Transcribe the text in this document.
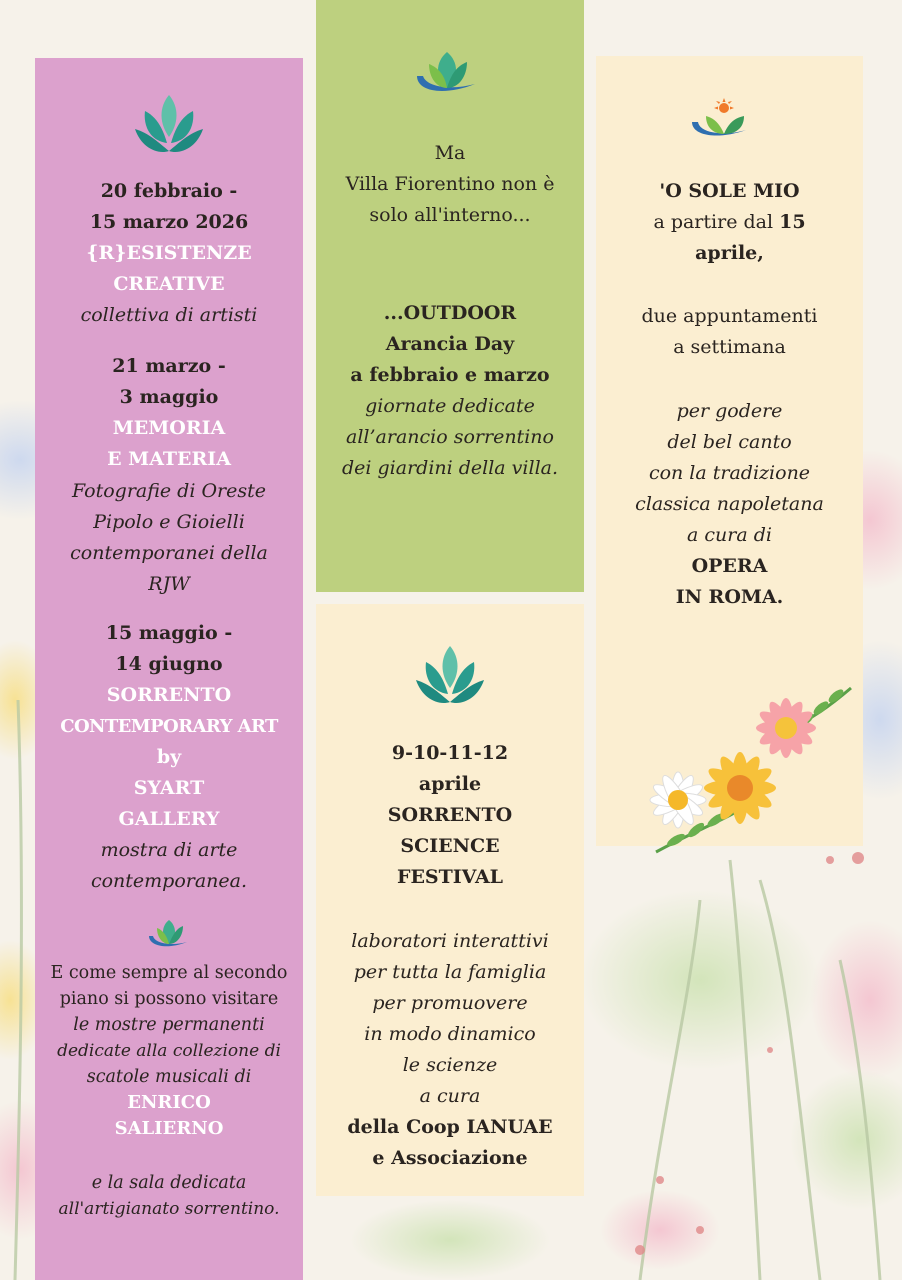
20 febbraio -

15 marzo 2026

{R}ESISTENZE

CREATIVE

collettiva di artisti

21 marzo -

3 maggio

MEMORIA

E MATERIA

Fotografie di Oreste

Pipolo e Gioielli

contemporanei della

RJW

15 maggio -

14 giugno

SORRENTO

CONTEMPORARY ART

by

SYART

GALLERY

mostra di arte

contemporanea.

E come sempre al secondo

piano si possono visitare

le mostre permanenti

dedicate alla collezione di

scatole musicali di

ENRICO

SALIERNO

e la sala dedicata

all'artigianato sorrentino.

Ma

Villa Fiorentino non è

solo all'interno...

...OUTDOOR

Arancia Day

a febbraio e marzo

giornate dedicate

all’arancio sorrentino

dei giardini della villa.

9-10-11-12

aprile

SORRENTO

SCIENCE

FESTIVAL

laboratori interattivi

per tutta la famiglia

per promuovere

in modo dinamico

le scienze

a cura

della Coop IANUAE

e Associazione

'O SOLE MIO

a partire dal 15

aprile,

due appuntamenti

a settimana

per godere

del bel canto

con la tradizione

classica napoletana

a cura di

OPERA

IN ROMA.
